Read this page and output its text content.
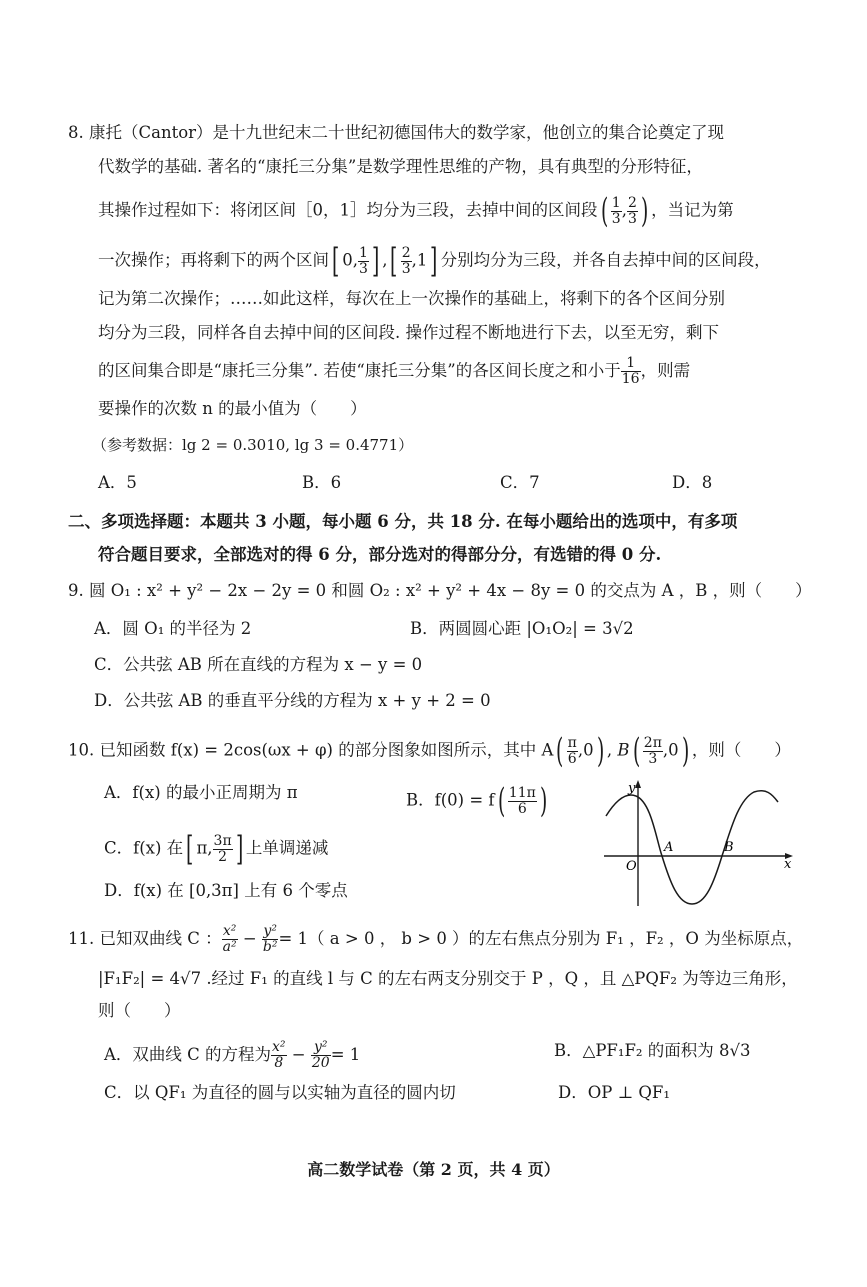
8. 康托（Cantor）是十九世纪末二十世纪初德国伟大的数学家，他创立的集合论奠定了现
代数学的基础. 著名的“康托三分集”是数学理性思维的产物，具有典型的分形特征，
其操作过程如下：将闭区间［0，1］均分为三段，去掉中间的区间段( $\frac{1}{3}$ , $\frac{2}{3}$ ) ，当记为第
一次操作；再将剩下的两个区间[ 0, $\frac{1}{3}$ ] ,[ $\frac{2}{3} ,1$] 分别均分为三段，并各自去掉中间的区间段，
记为第二次操作；……如此这样，每次在上一次操作的基础上，将剩下的各个区间分别
均分为三段，同样各自去掉中间的区间段. 操作过程不断地进行下去，以至无穷，剩下
的区间集合即是“康托三分集”. 若使“康托三分集”的各区间长度之和小于 $\frac{1}{16}$ ，则需
要操作的次数 n 的最小值为（　　）
（参考数据：lg 2 = 0.3010, lg 3 = 0.4771）
A．5	B．6	C．7	D．8
二、多项选择题：本题共 3 小题，每小题 6 分，共 18 分. 在每小题给出的选项中，有多项
符合题目要求，全部选对的得 6 分，部分选对的得部分分，有选错的得 0 分.
9. 圆 O₁ : x² + y² − 2x − 2y = 0 和圆 O₂ : x² + y² + 4x − 8y = 0 的交点为 A ，B ，则（　　）
A．圆 O₁ 的半径为 2	B．两圆圆心距 |O₁O₂| = 3√2
C．公共弦 AB 所在直线的方程为 x − y = 0
D．公共弦 AB 的垂直平分线的方程为 x + y + 2 = 0
10. 已知函数 f(x) = 2cos(ωx + φ) 的部分图象如图所示，其中 $A( \frac{\pi}{6} ,0)$ , $B( \frac{2\pi}{3} ,0)$ ，则（　　）
A．f(x) 的最小正周期为 π	B．$f(0) = f( \frac{11\pi}{6}$ )
C．f(x) 在[ π, $\frac{3\pi}{2}$ ] 上单调递减
D．f(x) 在 [0,3π] 上有 6 个零点
y
x
O
A	B
11. 已知双曲线 C ： $\frac{\text{x²}}{\text{a²}} - \frac{\text{y²}}{\text{b²}} = 1$（ a > 0 ， b > 0 ）的左右焦点分别为 F₁ ，F₂ ，O 为坐标原点，
|F₁F₂| = 4√7 .经过 F₁ 的直线 l 与 C 的左右两支分别交于 P ，Q ，且 △PQF₂ 为等边三角形，
则（　　）
A．双曲线 C 的方程为 $\frac{\text{x²}}{8} - \frac{\text{y²}}{20} = 1$	B．△PF₁F₂ 的面积为 8√3
C．以 QF₁ 为直径的圆与以实轴为直径的圆内切	D．OP ⊥ QF₁
高二数学试卷（第 2 页，共 4 页）
